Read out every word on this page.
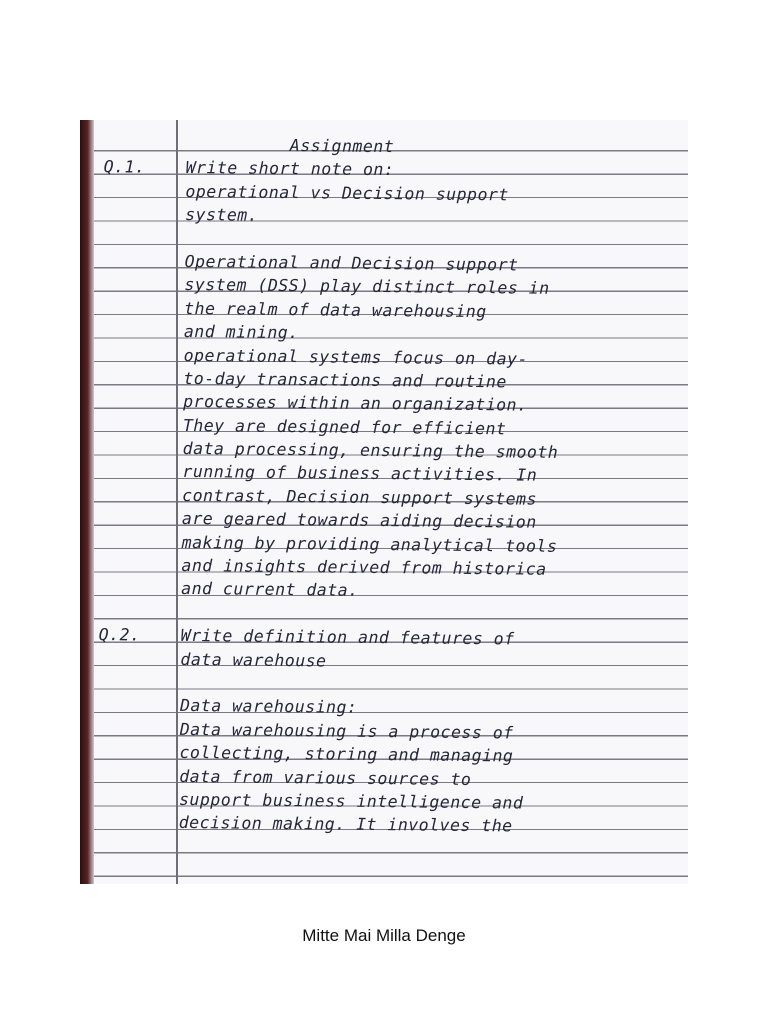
Assignment
Q.1. Write short note on:
operational vs Decision support
system.
Operational and Decision support
system (DSS) play distinct roles in
the realm of data warehousing
and mining.
operational systems focus on day-
to-day transactions and routine
processes within an organization.
They are designed for efficient
data processing, ensuring the smooth
running of business activities. In
contrast, Decision support systems
are geared towards aiding decision
making by providing analytical tools
and insights derived from historica
and current data.
Q.2. Write definition and features of
data warehouse
Data warehousing:
Data warehousing is a process of
collecting, storing and managing
data from various sources to
support business intelligence and
decision making. It involves the
Mitte Mai Milla Denge
